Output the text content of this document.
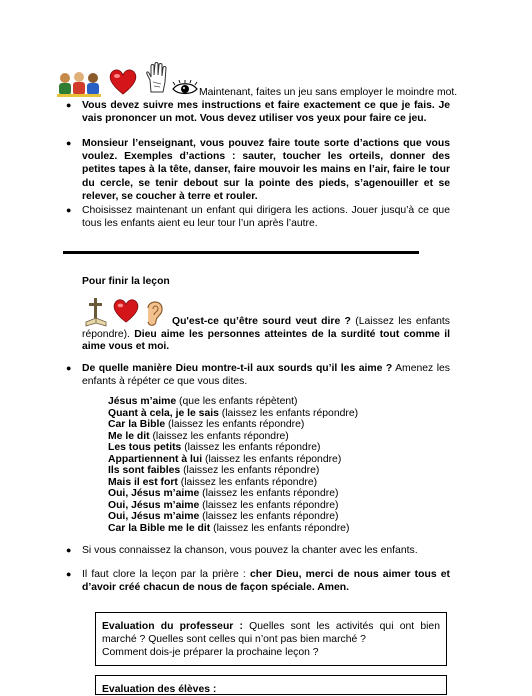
Maintenant, faites un jeu sans employer le moindre mot.

● Vous devez suivre mes instructions et faire exactement ce que je fais. Je vais prononcer un mot. Vous devez utiliser vos yeux pour faire ce jeu.

● Monsieur l’enseignant, vous pouvez faire toute sorte d’actions que vous voulez. Exemples d’actions : sauter, toucher les orteils, donner des petites tapes à la tête, danser, faire mouvoir les mains en l’air, faire le tour du cercle, se tenir debout sur la pointe des pieds, s’agenouiller et se relever, se coucher à terre et rouler.

● Choisissez maintenant un enfant qui dirigera les actions. Jouer jusqu’à ce que tous les enfants aient eu leur tour l’un après l’autre.

Pour finir la leçon

Qu'est-ce qu’être sourd veut dire ? (Laissez les enfants répondre). Dieu aime les personnes atteintes de la surdité tout comme il aime vous et moi.

● De quelle manière Dieu montre-t-il aux sourds qu’il les aime ? Amenez les enfants à répéter ce que vous dites.

Jésus m’aime (que les enfants répètent)

Quant à cela, je le sais (laissez les enfants répondre)

Car la Bible (laissez les enfants répondre)

Me le dit (laissez les enfants répondre)

Les tous petits (laissez les enfants répondre)

Appartiennent à lui (laissez les enfants répondre)

Ils sont faibles (laissez les enfants répondre)

Mais il est fort (laissez les enfants répondre)

Oui, Jésus m’aime (laissez les enfants répondre)

Oui, Jésus m’aime (laissez les enfants répondre)

Oui, Jésus m’aime (laissez les enfants répondre)

Car la Bible me le dit (laissez les enfants répondre)

● Si vous connaissez la chanson, vous pouvez la chanter avec les enfants.

● Il faut clore la leçon par la prière : cher Dieu, merci de nous aimer tous et d’avoir créé chacun de nous de façon spéciale. Amen.

Evaluation du professeur : Quelles sont les activités qui ont bien marché ? Quelles sont celles qui n’ont pas bien marché ?

Comment dois-je préparer la prochaine leçon ?

Evaluation des élèves :
